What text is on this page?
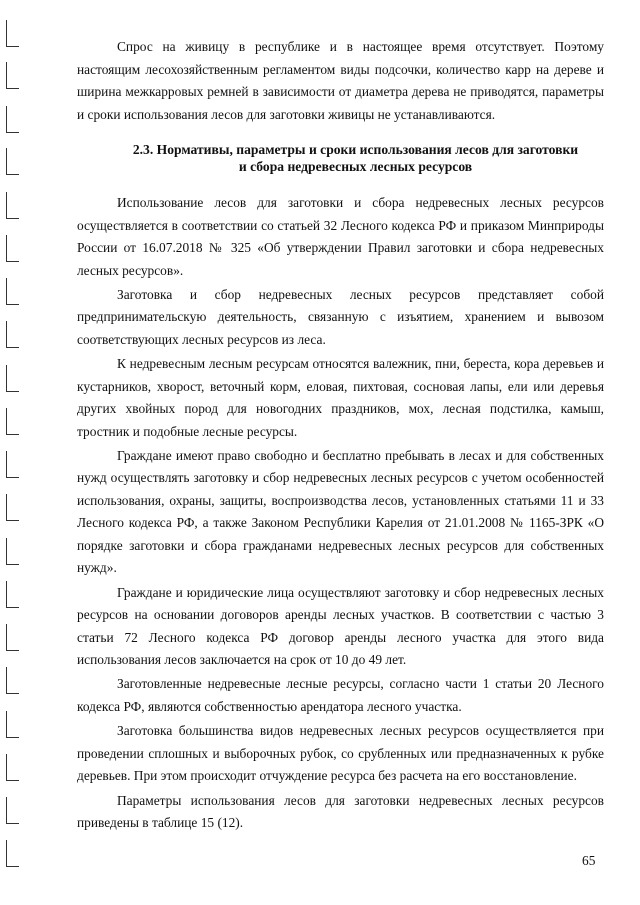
Спрос на живицу в республике и в настоящее время отсутствует. Поэтому настоящим лесохозяйственным регламентом виды подсочки, количество карр на дереве и ширина межкарровых ремней в зависимости от диаметра дерева не приводятся, параметры и сроки использования лесов для заготовки живицы не устанавливаются.

2.3. Нормативы, параметры и сроки использования лесов для заготовки
и сбора недревесных лесных ресурсов

Использование лесов для заготовки и сбора недревесных лесных ресурсов осуществляется в соответствии со статьей 32 Лесного кодекса РФ и приказом Минприроды России от 16.07.2018 № 325 «Об утверждении Правил заготовки и сбора недревесных лесных ресурсов».

Заготовка и сбор недревесных лесных ресурсов представляет собой предпринимательскую деятельность, связанную с изъятием, хранением и вывозом соответствующих лесных ресурсов из леса.

К недревесным лесным ресурсам относятся валежник, пни, береста, кора деревьев и кустарников, хворост, веточный корм, еловая, пихтовая, сосновая лапы, ели или деревья других хвойных пород для новогодних праздников, мох, лесная подстилка, камыш, тростник и подобные лесные ресурсы.

Граждане имеют право свободно и бесплатно пребывать в лесах и для собственных нужд осуществлять заготовку и сбор недревесных лесных ресурсов с учетом особенностей использования, охраны, защиты, воспроизводства лесов, установленных статьями 11 и 33 Лесного кодекса РФ, а также Законом Республики Карелия от 21.01.2008 № 1165-ЗРК «О порядке заготовки и сбора гражданами недревесных лесных ресурсов для собственных нужд».

Граждане и юридические лица осуществляют заготовку и сбор недревесных лесных ресурсов на основании договоров аренды лесных участков. В соответствии с частью 3 статьи 72 Лесного кодекса РФ договор аренды лесного участка для этого вида использования лесов заключается на срок от 10 до 49 лет.

Заготовленные недревесные лесные ресурсы, согласно части 1 статьи 20 Лесного кодекса РФ, являются собственностью арендатора лесного участка.

Заготовка большинства видов недревесных лесных ресурсов осуществляется при проведении сплошных и выборочных рубок, со срубленных или предназначенных к рубке деревьев. При этом происходит отчуждение ресурса без расчета на его восстановление.

Параметры использования лесов для заготовки недревесных лесных ресурсов приведены в таблице 15 (12).

65
